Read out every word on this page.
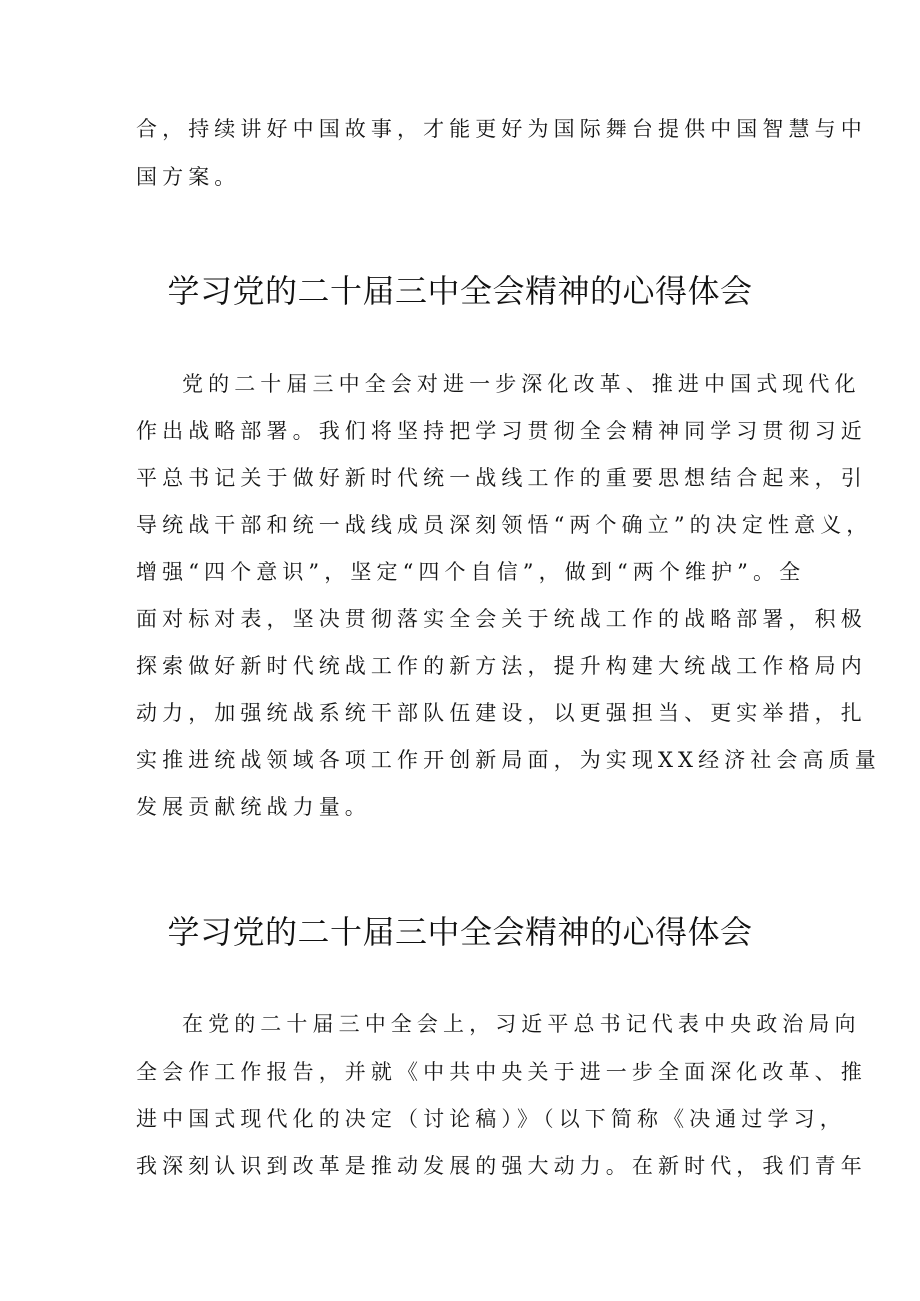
合，持续讲好中国故事，才能更好为国际舞台提供中国智慧与中

国方案。

学习党的二十届三中全会精神的心得体会

党的二十届三中全会对进一步深化改革、推进中国式现代化

作出战略部署。我们将坚持把学习贯彻全会精神同学习贯彻习近

平总书记关于做好新时代统一战线工作的重要思想结合起来，引

导统战干部和统一战线成员深刻领悟“两个确立”的决定性意义，

增强“四个意识”，坚定“四个自信”，做到“两个维护”。全

面对标对表，坚决贯彻落实全会关于统战工作的战略部署，积极

探索做好新时代统战工作的新方法，提升构建大统战工作格局内

动力，加强统战系统干部队伍建设，以更强担当、更实举措，扎

实推进统战领域各项工作开创新局面，为实现XX经济社会高质量

发展贡献统战力量。

学习党的二十届三中全会精神的心得体会

在党的二十届三中全会上，习近平总书记代表中央政治局向

全会作工作报告，并就《中共中央关于进一步全面深化改革、推

进中国式现代化的决定（讨论稿）》（以下简称《决通过学习，

我深刻认识到改革是推动发展的强大动力。在新时代，我们青年
